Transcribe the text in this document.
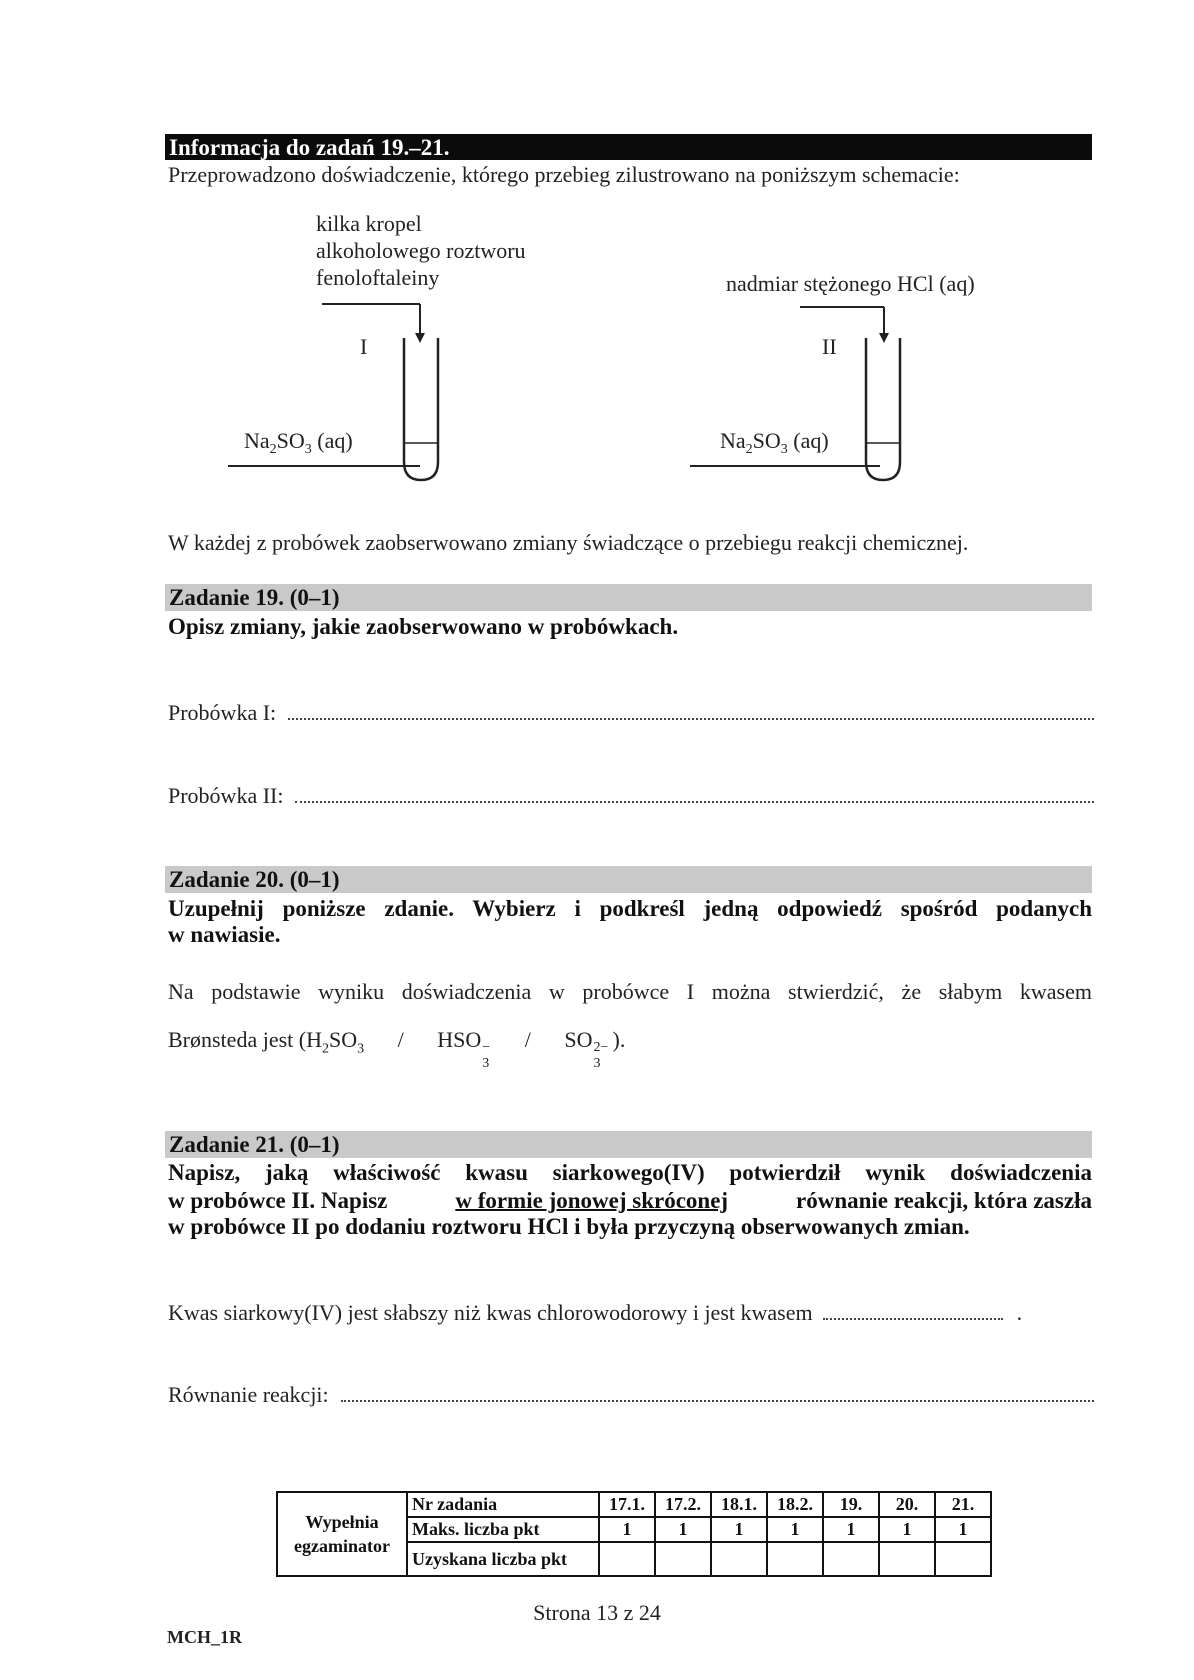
Informacja do zadań 19.–21.
Przeprowadzono doświadczenie, którego przebieg zilustrowano na poniższym schemacie:
kilka kropel
alkoholowego roztworu
fenoloftaleiny
I
$Na_2SO_3$ (aq)
nadmiar stężonego HCl (aq)
II
$Na_2SO_3$ (aq)
W każdej z probówek zaobserwowano zmiany świadczące o przebiegu reakcji chemicznej.
Zadanie 19. (0–1)
Opisz zmiany, jakie zaobserwowano w probówkach.
Probówka I:
Probówka II:
Zadanie 20. (0–1)
Uzupełnij poniższe zdanie. Wybierz i podkreśl jedną odpowiedź spośród podanych
w nawiasie.
Na podstawie wyniku doświadczenia w probówce I można stwierdzić, że słabym kwasem
Brønsteda jest ($H_2SO_3$ / HSO −
3
/ SO 2−
3
).
Zadanie 21. (0–1)
Napisz, jaką właściwość kwasu siarkowego(IV) potwierdził wynik doświadczenia
w probówce II. Napisz	w formie jonowej skróconej	równanie reakcji, która zaszła
w probówce II po dodaniu roztworu HCl i była przyczyną obserwowanych zmian.
Kwas siarkowy(IV) jest słabszy niż kwas chlorowodorowy i jest kwasem	.
Równanie reakcji:
Wypełnia
egzaminator	Nr zadania	17.1.	17.2.	18.1.	18.2.	19.	20.	21.
	Maks. liczba pkt	1	1	1	1	1	1	1
	Uzyskana liczba pkt							
Strona 13 z 24
MCH_1R
